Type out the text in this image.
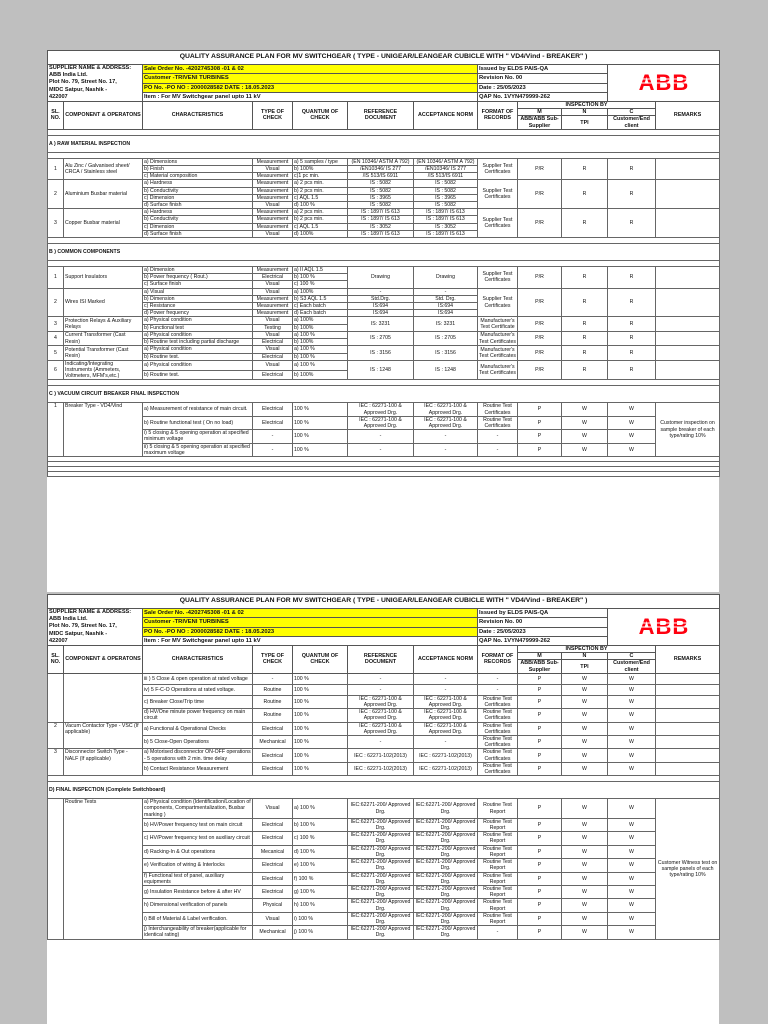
QUALITY ASSURANCE PLAN FOR MV SWITCHGEAR ( TYPE - UNIGEAR/LEANGEAR CUBICLE WITH " VD4/Vind - BREAKER" )											

SUPPLIER NAME & ADDRESS:
ABB India Ltd.
Plot No. 79, Street No. 17,
MIDC Satpur, Nashik -
422007		Sale Order No. -4202745308 -01 & 02					Issued by ELDS PAIS-QA			ABB	

		Customer -TRIVENI TURBINES					Revision No. 00				
		PO No. -PO NO : 2000028582 DATE : 18.05.2023					Date : 25/05/2023				
		Item : For MV Switchgear panel upto 11 kV					QAP No. 1VYN479999-262				
SL. NO.	COMPONENT & OPERATONS	CHARACTERISTICS	TYPE OF CHECK	QUANTUM OF CHECK	REFERENCE DOCUMENT	ACCEPTANCE NORM	FORMAT OF RECORDS	INSPECTION BY			REMARKS
								M	N	C	
								ABB/ABB Sub-Supplier	TPI	Customer/End client	

A ) RAW MATERIAL INSPECTION											

1	Alu Zinc / Galvanised sheet/ CRCA / Stainless steel	a) Dimensions	Measurement	a) 5 samples / type	(EN 10346/ ASTM A 792)	(EN 10346/ ASTM A 792)	Supplier Test Certificates	P/R	R	R	
		b) Finish	Visual	b) 100%	/EN10346/ IS 277	/EN10346/ IS 277					
		c) Material composition	Measurement	c)1 pc min.	/IS 513/IS 6911	/IS 513/IS 6911					
2	Aluminium Busbar material	a) Hardness	Measurement	a) 2 pcs min.	IS : 5082	IS : 5082	Supplier Test Certificates	P/R	R	R	
		b) Conductivity	Measurement	b) 2 pcs min.	IS : 5082	IS : 5082					
		c) Dimension	Measurement	c) AQL 1.5	IS : 3965	IS : 3965					
		d) Surface finish	Visual	d) 100 %	IS : 5082	IS : 5082					
3	Copper Busbar material	a) Hardness	Measurement	a) 2 pcs min.	IS : 1897/ IS 613	IS : 1897/ IS 613	Supplier Test Certificates	P/R	R	R	
		b) Conductivity	Measurement	b) 2 pcs min.	IS : 1897/ IS 613	IS : 1897/ IS 613					
		c) Dimension	Measurement	c) AQL 1.5	IS : 3052	IS : 3052					
		d) Surface finish	Visual	d) 100%	IS : 1897/ IS 613	IS : 1897/ IS 613					

B ) COMMON COMPONENTS											

1	Support Insulators	a) Dimension	Measurement	a) II AQL 1.5	Drawing	Drawing	Supplier Test Certificates	P/R	R	R	
		b) Power frequency ( Rout.)	Electrical	b) 100 %							
		c) Surface finish	Visual	c) 100 %							
2	Wires ISI Marked	a) Visual	Visual	a) 100%	-	-	Supplier Test Certificates	P/R	R	R	
		b) Dimension	Measurement	b) S3 AQL 1.5	Std.Drg.	Std. Drg.					
		c) Resistance	Measurement	c) Each batch	IS:694	IS:694					
		d) Power frequency	Measurement	d) Each batch	IS:694	IS:694					
3	Protection Relays & Auxiliary Relays	a) Physical condition	Visual	a) 100%	IS: 3231	IS: 3231	Manufacturer's Test Certificate	P/R	R	R	
		b) Functional test	Testing	b) 100%							
4	Current Transformer (Cast Resin)	a) Physical condition	Visual	a) 100 %	IS : 2705	IS : 2705	Manufacturer's Test Certificates	P/R	R	R	
		b) Routine test including partial discharge	Electrical	b) 100%							
5	Potential Transformer (Cast Resin)	a) Physical condition	Visual	a) 100 %	IS : 3156	IS : 3156	Manufacturer's Test Certificates	P/R	R	R	
		b) Routine test.	Electrical	b) 100 %							
6	Indicating/Integrating Instruments (Ammeters, Voltmeters, MFM's,etc.)	a) Physical condition	Visual	a) 100 %	IS : 1248	IS : 1248	Manufacturer's Test Certificates	P/R	R	R	
		b) Routine test.	Electrical	b) 100%							

C ) VACUUM CIRCUIT BREAKER FINAL INSPECTION											
1	Breaker Type - VD4/Vind	a) Measurement of resistance of main circuit.	Electrical	100 %	IEC : 62271-100 & Approved Drg.	IEC : 62271-100 & Approved Drg.	Routine Test Certificates	P	W	W	Customer inspection on sample breaker of each type/rating 10%
		b) Routine functional test ( On no load)	Electrical	100 %	IEC : 62271-100 & Approved Drg.	IEC : 62271-100 & Approved Drg.	Routine Test Certificates	P	W	W	
		i) 5 closing & 5 opening operation at specified minimum voltage	-	100 %	-	-	-	P	W	W	
		ii) 5 closing & 5 opening operation at specified maximum voltage	-	100 %	-	-	-	P	W	W	

QUALITY ASSURANCE PLAN FOR MV SWITCHGEAR ( TYPE - UNIGEAR/LEANGEAR CUBICLE WITH " VD4/Vind - BREAKER" )											

SUPPLIER NAME & ADDRESS:
ABB India Ltd.
Plot No. 79, Street No. 17,
MIDC Satpur, Nashik -
422007		Sale Order No. -4202745308 -01 & 02					Issued by ELDS PAIS-QA			ABB	

		Customer -TRIVENI TURBINES					Revision No. 00				
		PO No. -PO NO : 2000028582 DATE : 18.05.2023					Date : 25/05/2023				
		Item : For MV Switchgear panel upto 11 kV					QAP No. 1VYN479999-262				
SL. NO.	COMPONENT & OPERATONS	CHARACTERISTICS	TYPE OF CHECK	QUANTUM OF CHECK	REFERENCE DOCUMENT	ACCEPTANCE NORM	FORMAT OF RECORDS	INSPECTION BY			REMARKS
								M	N	C	
								ABB/ABB Sub-Supplier	TPI	Customer/End client	
		iii ) 5 Close & open operation at rated voltage	-	100 %	-	-	-	P	W	W	
		iv) 5 F-C-O Operations at rated voltage.	Routine	100 %	-	-	-	P	W	W	
		c) Breaker Close/Trip time	Routine	100 %	IEC : 62271-100 & Approved Drg.	IEC : 62271-100 & Approved Drg.	Routine Test Certificates	P	W	W	
		d) HV/One minute power frequency on main circuit	Routine	100 %	IEC : 62271-100 & Approved Drg.	IEC : 62271-100 & Approved Drg.	Routine Test Certificates	P	W	W	
2	Vacum Contactor Type - VSC (If applicable)	a) Functional & Operational Checks	Electrical	100 %	IEC : 62271-100 & Approved Drg.	IEC : 62271-100 & Approved Drg.	Routine Test Certificates	P	W	W	
		b) 5 Close-Open Operations	Mechanical	100 %	-	-	Routine Test Certificates	P	W	W	
3	Disconnector Switch Type - NALF (If applicable)	a) Motorised disconnector ON-OFF operations - 5 operations with 2 min. time delay	Electrical	100 %	IEC : 62271-102(2013)	IEC : 62271-102(2013)	Routine Test Certificates	P	W	W	
		b) Contact Resistance Measurement	Electrical	100 %	IEC : 62271-102(2013)	IEC : 62271-102(2013)	Routine Test Certificates	P	W	W	

D) FINAL INSPECTION (Complete Switchboard)											
	Routine Tests	a) Physical condition (Identification/Location of components, Compartmentalization, Busbar marking )	Visual	a) 100 %	IEC:62271-200/ Approved Drg.	IEC:62271-200/ Approved Drg.	Routine Test Report	P	W	W	Customer Witness test on sample panels of each type/rating 10%
		b) HV/Power frequency test on main circuit	Electrical	b) 100 %	IEC:62271-200/ Approved Drg.	IEC:62271-200/ Approved Drg.	Routine Test Report	P	W	W	
		c) HV/Power frequency test on auxiliary circuit	Electrical	c) 100 %	IEC:62271-200/ Approved Drg.	IEC:62271-200/ Approved Drg.	Routine Test Report	P	W	W	
		d) Racking-In & Out operations	Mecanical	d) 100 %	IEC:62271-200/ Approved Drg.	IEC:62271-200/ Approved Drg.	Routine Test Report	P	W	W	
		e) Verification of wiring & Interlocks	Electrical	e) 100 %	IEC:62271-200/ Approved Drg.	IEC:62271-200/ Approved Drg.	Routine Test Report	P	W	W	
		f) Functional test of panel, auxiliary equipments	Electrical	f) 100 %	IEC:62271-200/ Approved Drg.	IEC:62271-200/ Approved Drg.	Routine Test Report	P	W	W	
		g) Insulation Resistance before & after HV	Electrical	g) 100 %	IEC:62271-200/ Approved Drg.	IEC:62271-200/ Approved Drg.	Routine Test Report	P	W	W	
		h) Dimensional verification of panels	Physical	h) 100 %	IEC:62271-200/ Approved Drg.	IEC:62271-200/ Approved Drg.	Routine Test Report	P	W	W	
		i) Bill of Material & Label verification.	Visual	i) 100 %	IEC:62271-200/ Approved Drg.	IEC:62271-200/ Approved Drg.	Routine Test Report	P	W	W	
		j) Interchangeability of breaker(applicable for identical rating)	Mechanical	j) 100 %	IEC:62271-200/ Approved Drg.	IEC:62271-200/ Approved Drg.	-	P	W	W	
